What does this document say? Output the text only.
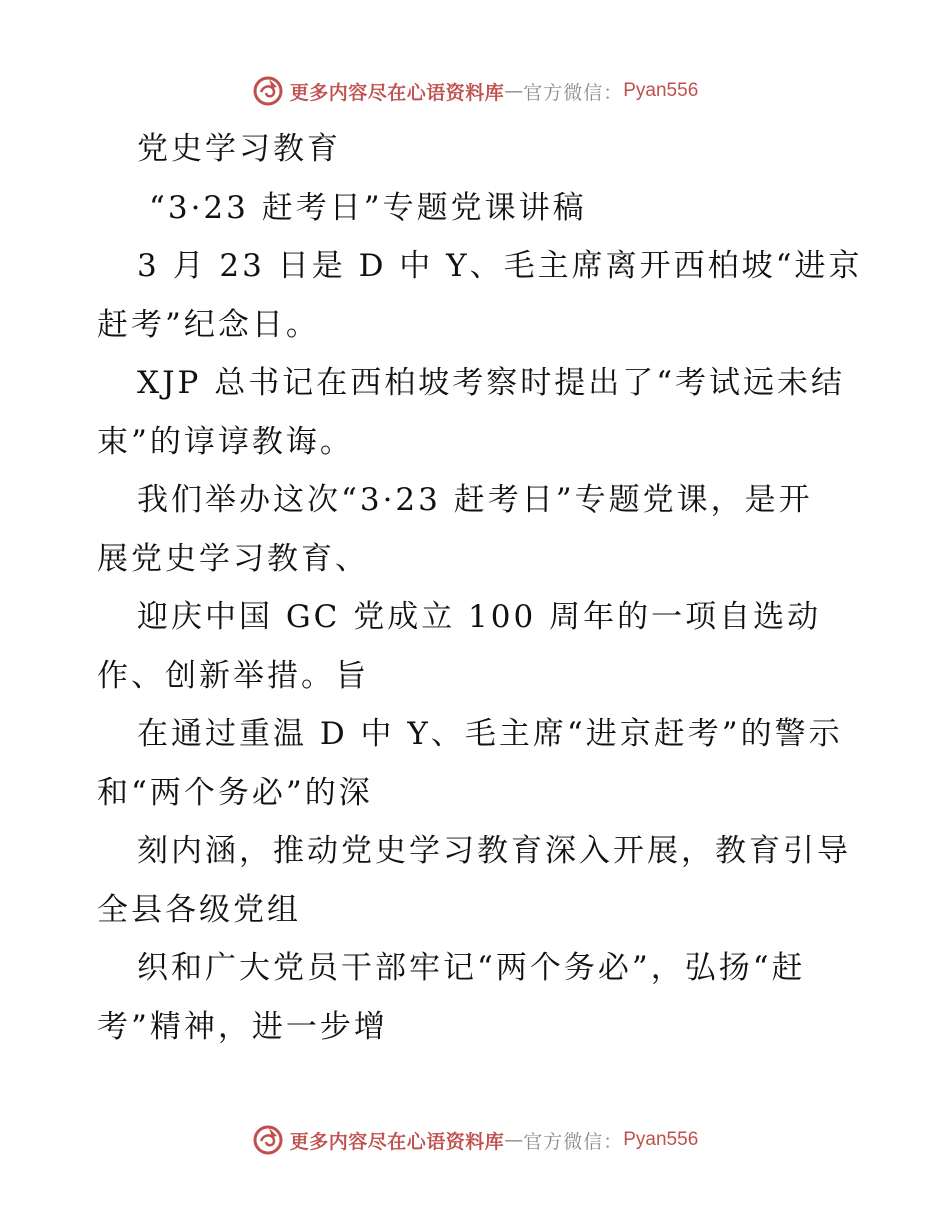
更多内容尽在心语资料库 — 官方微信： Pyan556
党史学习教育
“3·23 赶考日”专题党课讲稿
3 月 23 日是 D 中 Y、毛主席离开西柏坡“进京
赶考”纪念日。
XJP 总书记在西柏坡考察时提出了“考试远未结
束”的谆谆教诲。
我们举办这次“3·23 赶考日”专题党课，是开
展党史学习教育、
迎庆中国 GC 党成立 100 周年的一项自选动
作、创新举措。旨
在通过重温 D 中 Y、毛主席“进京赶考”的警示
和“两个务必”的深
刻内涵，推动党史学习教育深入开展，教育引导
全县各级党组
织和广大党员干部牢记“两个务必”，弘扬“赶
考”精神，进一步增
更多内容尽在心语资料库 — 官方微信： Pyan556
